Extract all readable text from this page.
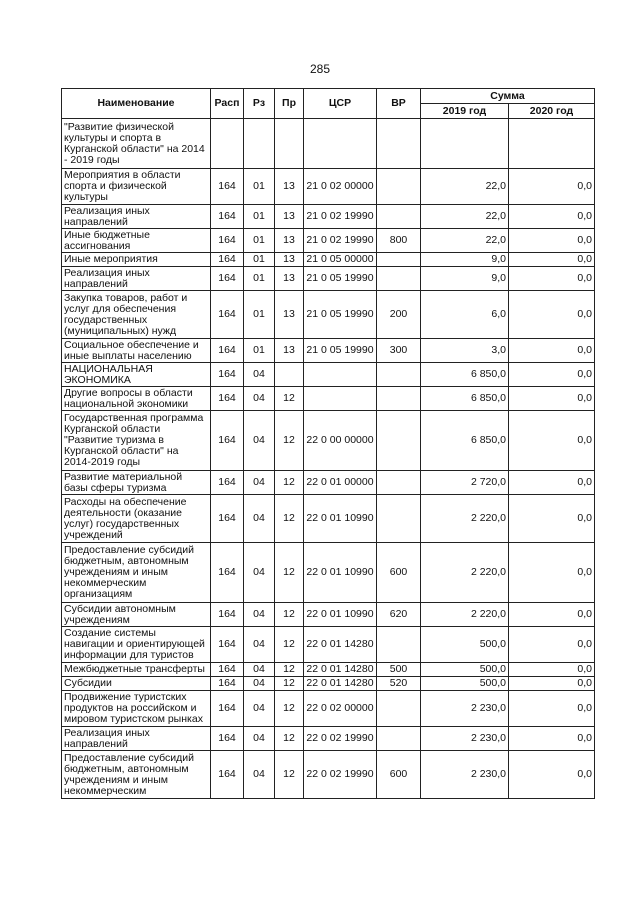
285
Наименование	Расп	Рз	Пр	ЦСР	ВР	Сумма	
						2019 год	2020 год
"Развитие физической культуры и спорта в Курганской области" на 2014 - 2019 годы							
Мероприятия в области спорта и физической культуры	164	01	13	21 0 02 00000		22,0	0,0
Реализация иных направлений	164	01	13	21 0 02 19990		22,0	0,0
Иные бюджетные ассигнования	164	01	13	21 0 02 19990	800	22,0	0,0
Иные мероприятия	164	01	13	21 0 05 00000		9,0	0,0
Реализация иных направлений	164	01	13	21 0 05 19990		9,0	0,0
Закупка товаров, работ и услуг для обеспечения государственных (муниципальных) нужд	164	01	13	21 0 05 19990	200	6,0	0,0
Социальное обеспечение и иные выплаты населению	164	01	13	21 0 05 19990	300	3,0	0,0
НАЦИОНАЛЬНАЯ ЭКОНОМИКА	164	04				6 850,0	0,0
Другие вопросы в области национальной экономики	164	04	12			6 850,0	0,0
Государственная программа Курганской области "Развитие туризма в Курганской области" на 2014-2019 годы	164	04	12	22 0 00 00000		6 850,0	0,0
Развитие материальной базы сферы туризма	164	04	12	22 0 01 00000		2 720,0	0,0
Расходы на обеспечение деятельности (оказание услуг) государственных учреждений	164	04	12	22 0 01 10990		2 220,0	0,0
Предоставление субсидий бюджетным, автономным учреждениям и иным некоммерческим организациям	164	04	12	22 0 01 10990	600	2 220,0	0,0
Субсидии автономным учреждениям	164	04	12	22 0 01 10990	620	2 220,0	0,0
Создание системы навигации и ориентирующей информации для туристов	164	04	12	22 0 01 14280		500,0	0,0
Межбюджетные трансферты	164	04	12	22 0 01 14280	500	500,0	0,0
Субсидии	164	04	12	22 0 01 14280	520	500,0	0,0
Продвижение туристских продуктов на российском и мировом туристском рынках	164	04	12	22 0 02 00000		2 230,0	0,0
Реализация иных направлений	164	04	12	22 0 02 19990		2 230,0	0,0
Предоставление субсидий бюджетным, автономным учреждениям и иным некоммерческим	164	04	12	22 0 02 19990	600	2 230,0	0,0
